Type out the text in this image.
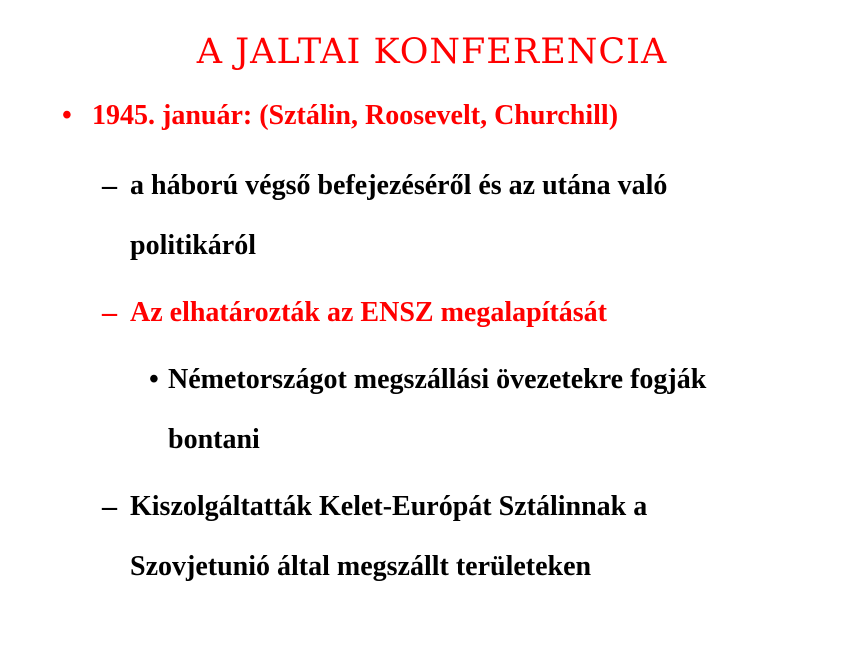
A JALTAI KONFERENCIA
• 1945. január: (Sztálin, Roosevelt, Churchill)
– a háború végső befejezéséről és az utána való
politikáról
– Az elhatározták az ENSZ megalapítását
• Németországot megszállási övezetekre fogják
bontani
– Kiszolgáltatták Kelet-Európát Sztálinnak a
Szovjetunió által megszállt területeken
